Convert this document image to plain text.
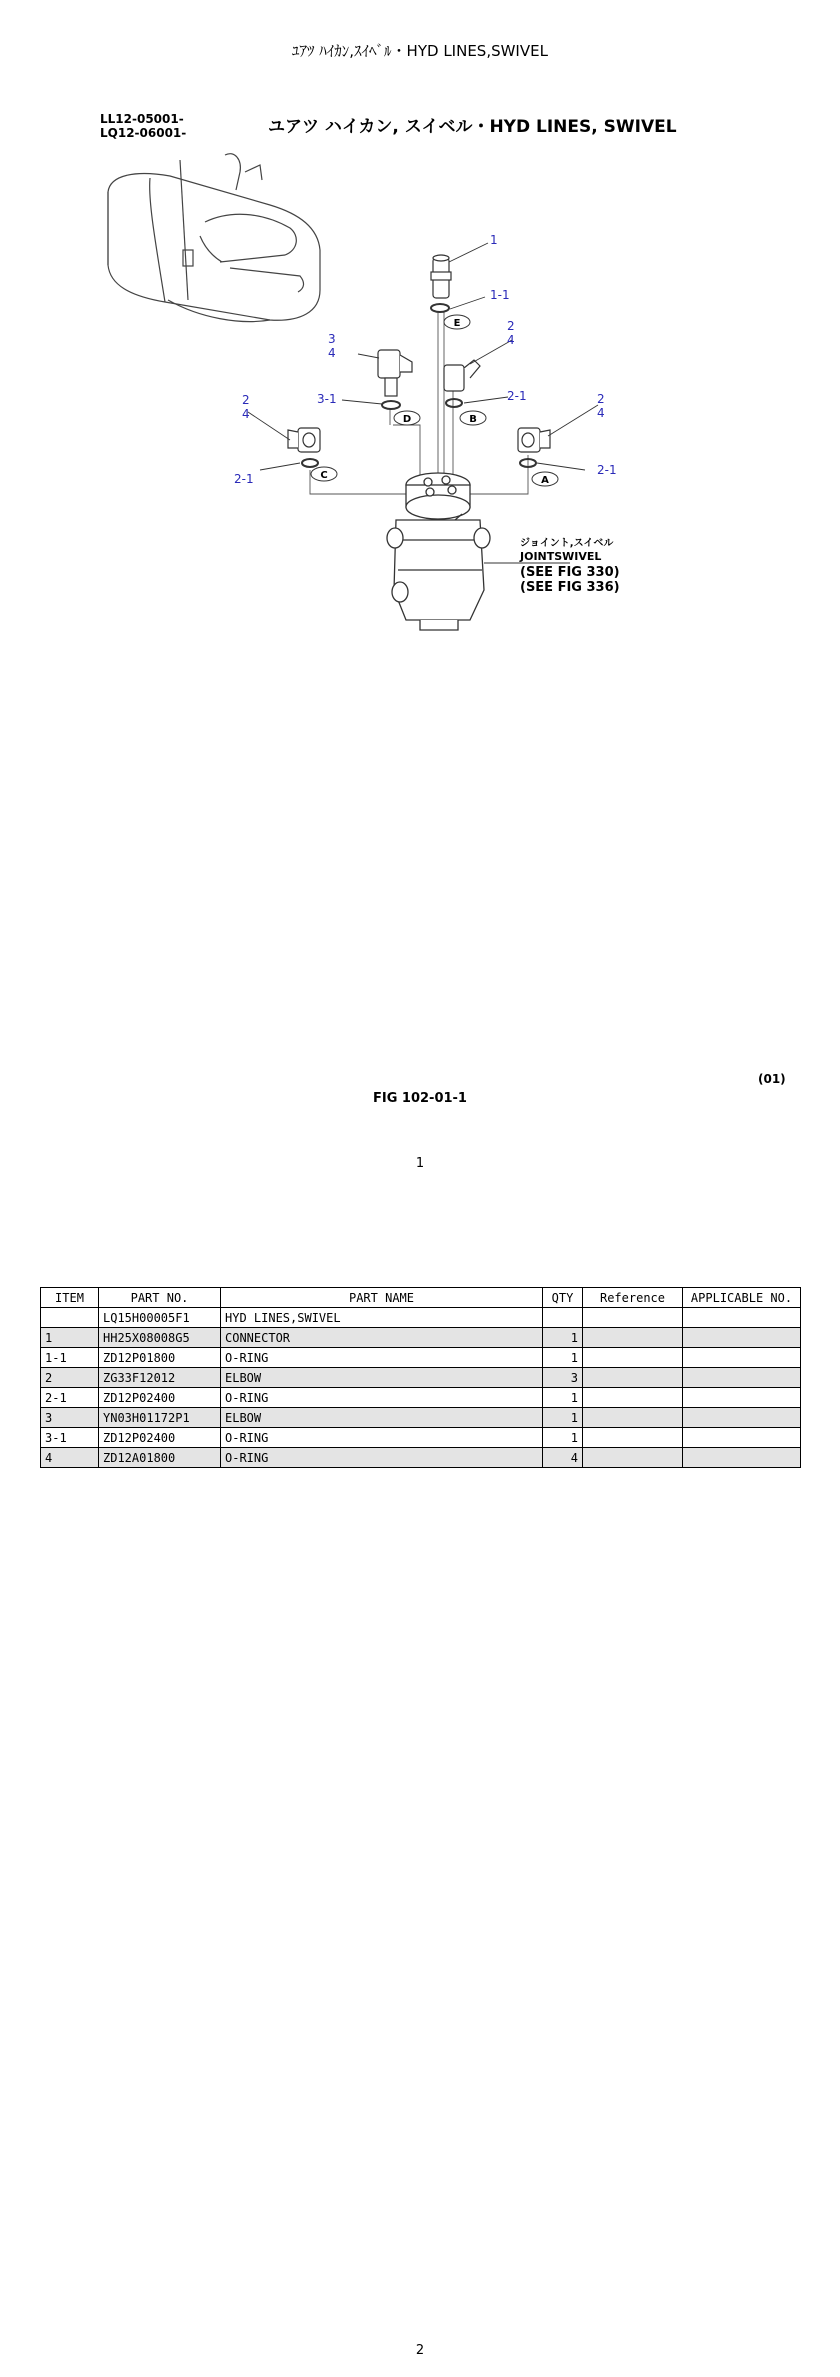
ﾕｱﾂ ﾊｲｶﾝ,ｽｲﾍﾞﾙ・HYD LINES,SWIVEL
LL12-05001-
LQ12-06001-	ユアツ ハイカン, スイベル・HYD LINES, SWIVEL
1
1-1
3
4
3-1
2
4
2-1
2
4
2-1
2
4
2-1
E
D	B
C	A
ジョイント,スイベル
JOINTSWIVEL
(SEE FIG 330)
(SEE FIG 336)
(01)
FIG 102-01-1
1
ITEM	PART NO.	PART NAME	QTY	Reference	APPLICABLE NO.
	LQ15H00005F1	HYD LINES,SWIVEL			
1	HH25X08008G5	CONNECTOR	1		
1-1	ZD12P01800	O-RING	1		
2	ZG33F12012	ELBOW	3		
2-1	ZD12P02400	O-RING	1		
3	YN03H01172P1	ELBOW	1		
3-1	ZD12P02400	O-RING	1		
4	ZD12A01800	O-RING	4		
2
